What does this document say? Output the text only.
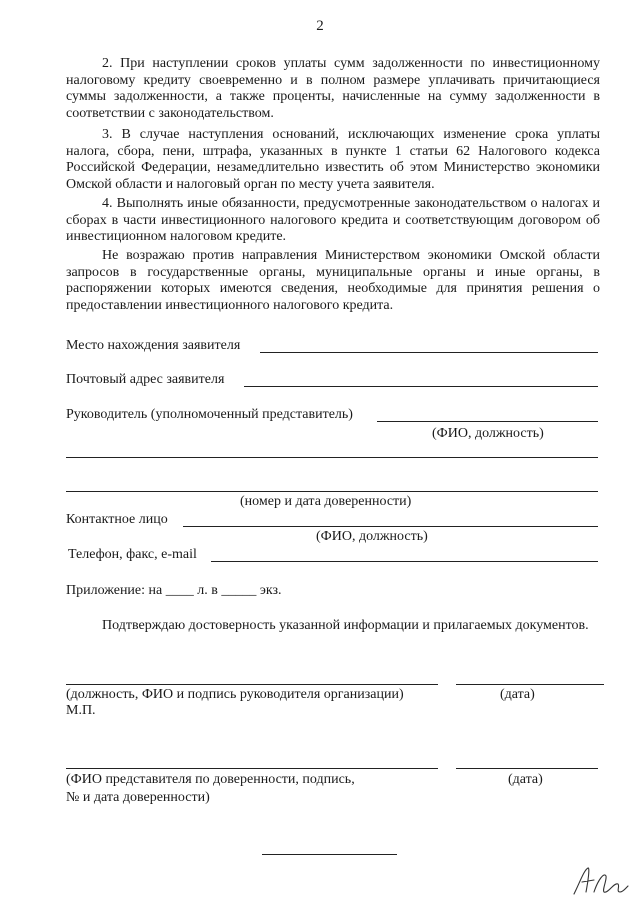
2

2. При наступлении сроков уплаты сумм задолженности по инвестиционному налоговому кредиту своевременно и в полном размере уплачивать причитающиеся суммы задолженности, а также проценты, начисленные на сумму задолженности в соответствии с законодательством.

3. В случае наступления оснований, исключающих изменение срока уплаты налога, сбора, пени, штрафа, указанных в пункте 1 статьи 62 Налогового кодекса Российской Федерации, незамедлительно известить об этом Министерство экономики Омской области и налоговый орган по месту учета заявителя.

4. Выполнять иные обязанности, предусмотренные законодательством о налогах и сборах в части инвестиционного налогового кредита и соответствующим договором об инвестиционном налоговом кредите.

Не возражаю против направления Министерством экономики Омской области запросов в государственные органы, муниципальные органы и иные органы, в распоряжении которых имеются сведения, необходимые для принятия решения о предоставлении инвестиционного налогового кредита.

Место нахождения заявителя
Почтовый адрес заявителя
Руководитель (уполномоченный представитель)
(ФИО, должность)
(номер и дата доверенности)
Контактное лицо
(ФИО, должность)
Телефон, факс, e-mail
Приложение: на ____ л. в _____ экз.

Подтверждаю достоверность указанной информации и прилагаемых документов.

(должность, ФИО и подпись руководителя организации)	(дата)
М.П.
(ФИО представителя по доверенности, подпись,	(дата)
№ и дата доверенности)
